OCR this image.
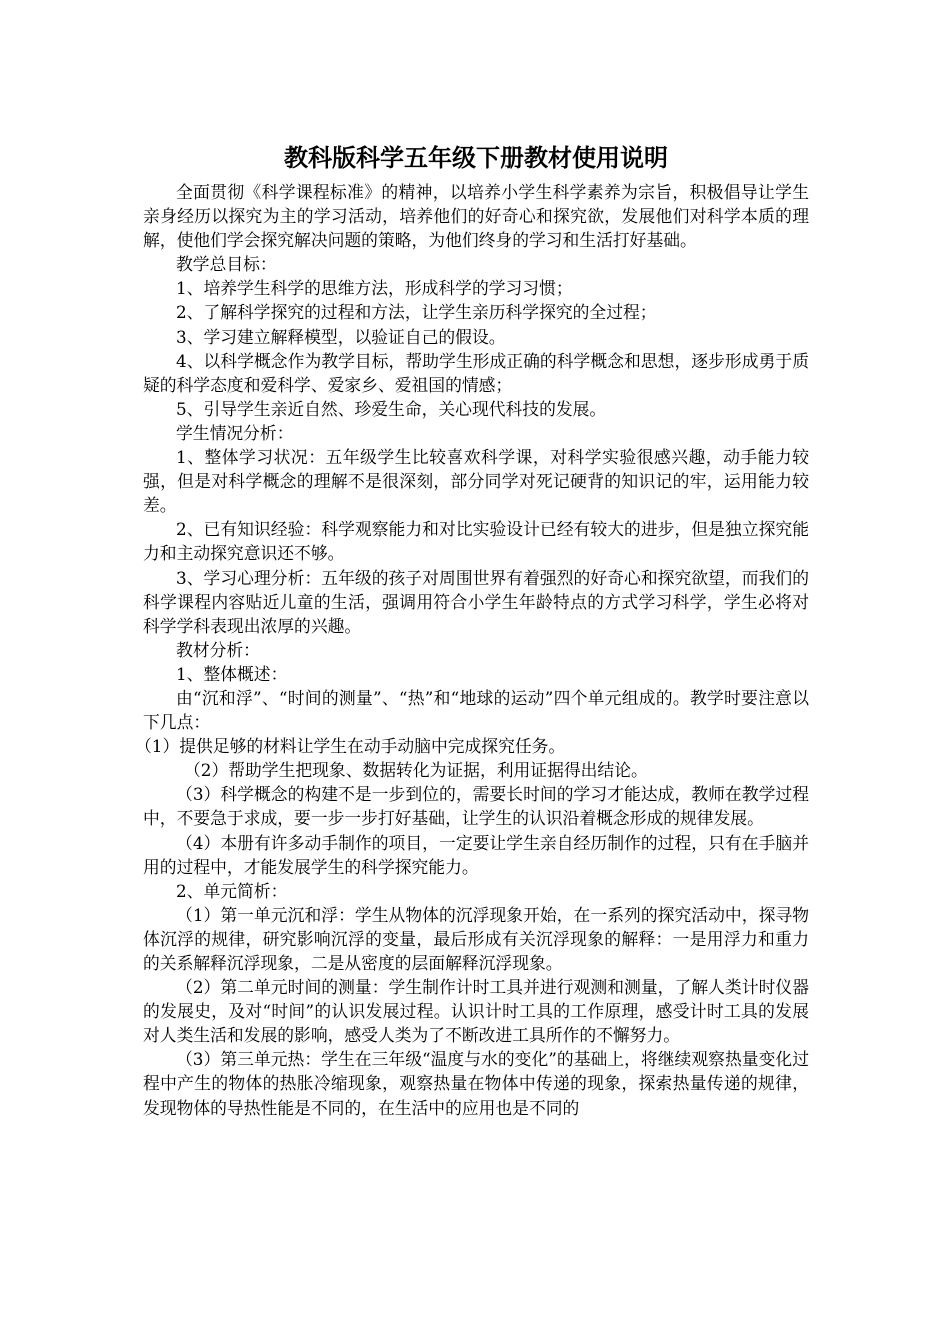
教科版科学五年级下册教材使用说明

全面贯彻《科学课程标准》的精神，以培养小学生科学素养为宗旨，积极倡导让学生亲身经历以探究为主的学习活动，培养他们的好奇心和探究欲，发展他们对科学本质的理解，使他们学会探究解决问题的策略，为他们终身的学习和生活打好基础。

教学总目标：

1、培养学生科学的思维方法，形成科学的学习习惯；

2、了解科学探究的过程和方法，让学生亲历科学探究的全过程；

3、学习建立解释模型，以验证自己的假设。

4、以科学概念作为教学目标，帮助学生形成正确的科学概念和思想，逐步形成勇于质疑的科学态度和爱科学、爱家乡、爱祖国的情感；

5、引导学生亲近自然、珍爱生命，关心现代科技的发展。

学生情况分析：

1、整体学习状况：五年级学生比较喜欢科学课，对科学实验很感兴趣，动手能力较强，但是对科学概念的理解不是很深刻，部分同学对死记硬背的知识记的牢，运用能力较差。

2、已有知识经验：科学观察能力和对比实验设计已经有较大的进步，但是独立探究能力和主动探究意识还不够。

3、学习心理分析：五年级的孩子对周围世界有着强烈的好奇心和探究欲望，而我们的科学课程内容贴近儿童的生活，强调用符合小学生年龄特点的方式学习科学，学生必将对科学学科表现出浓厚的兴趣。

教材分析：

1、整体概述：

由“沉和浮”、“时间的测量”、“热”和“地球的运动”四个单元组成的。教学时要注意以下几点：

（1）提供足够的材料让学生在动手动脑中完成探究任务。

（2）帮助学生把现象、数据转化为证据，利用证据得出结论。

（3）科学概念的构建不是一步到位的，需要长时间的学习才能达成，教师在教学过程中，不要急于求成，要一步一步打好基础，让学生的认识沿着概念形成的规律发展。

（4）本册有许多动手制作的项目，一定要让学生亲自经历制作的过程，只有在手脑并用的过程中，才能发展学生的科学探究能力。

2、单元简析：

（1）第一单元沉和浮：学生从物体的沉浮现象开始，在一系列的探究活动中，探寻物体沉浮的规律，研究影响沉浮的变量，最后形成有关沉浮现象的解释：一是用浮力和重力的关系解释沉浮现象，二是从密度的层面解释沉浮现象。

（2）第二单元时间的测量：学生制作计时工具并进行观测和测量，了解人类计时仪器的发展史，及对“时间”的认识发展过程。认识计时工具的工作原理，感受计时工具的发展对人类生活和发展的影响，感受人类为了不断改进工具所作的不懈努力。

（3）第三单元热：学生在三年级“温度与水的变化”的基础上，将继续观察热量变化过程中产生的物体的热胀冷缩现象，观察热量在物体中传递的现象，探索热量传递的规律，发现物体的导热性能是不同的，在生活中的应用也是不同的
